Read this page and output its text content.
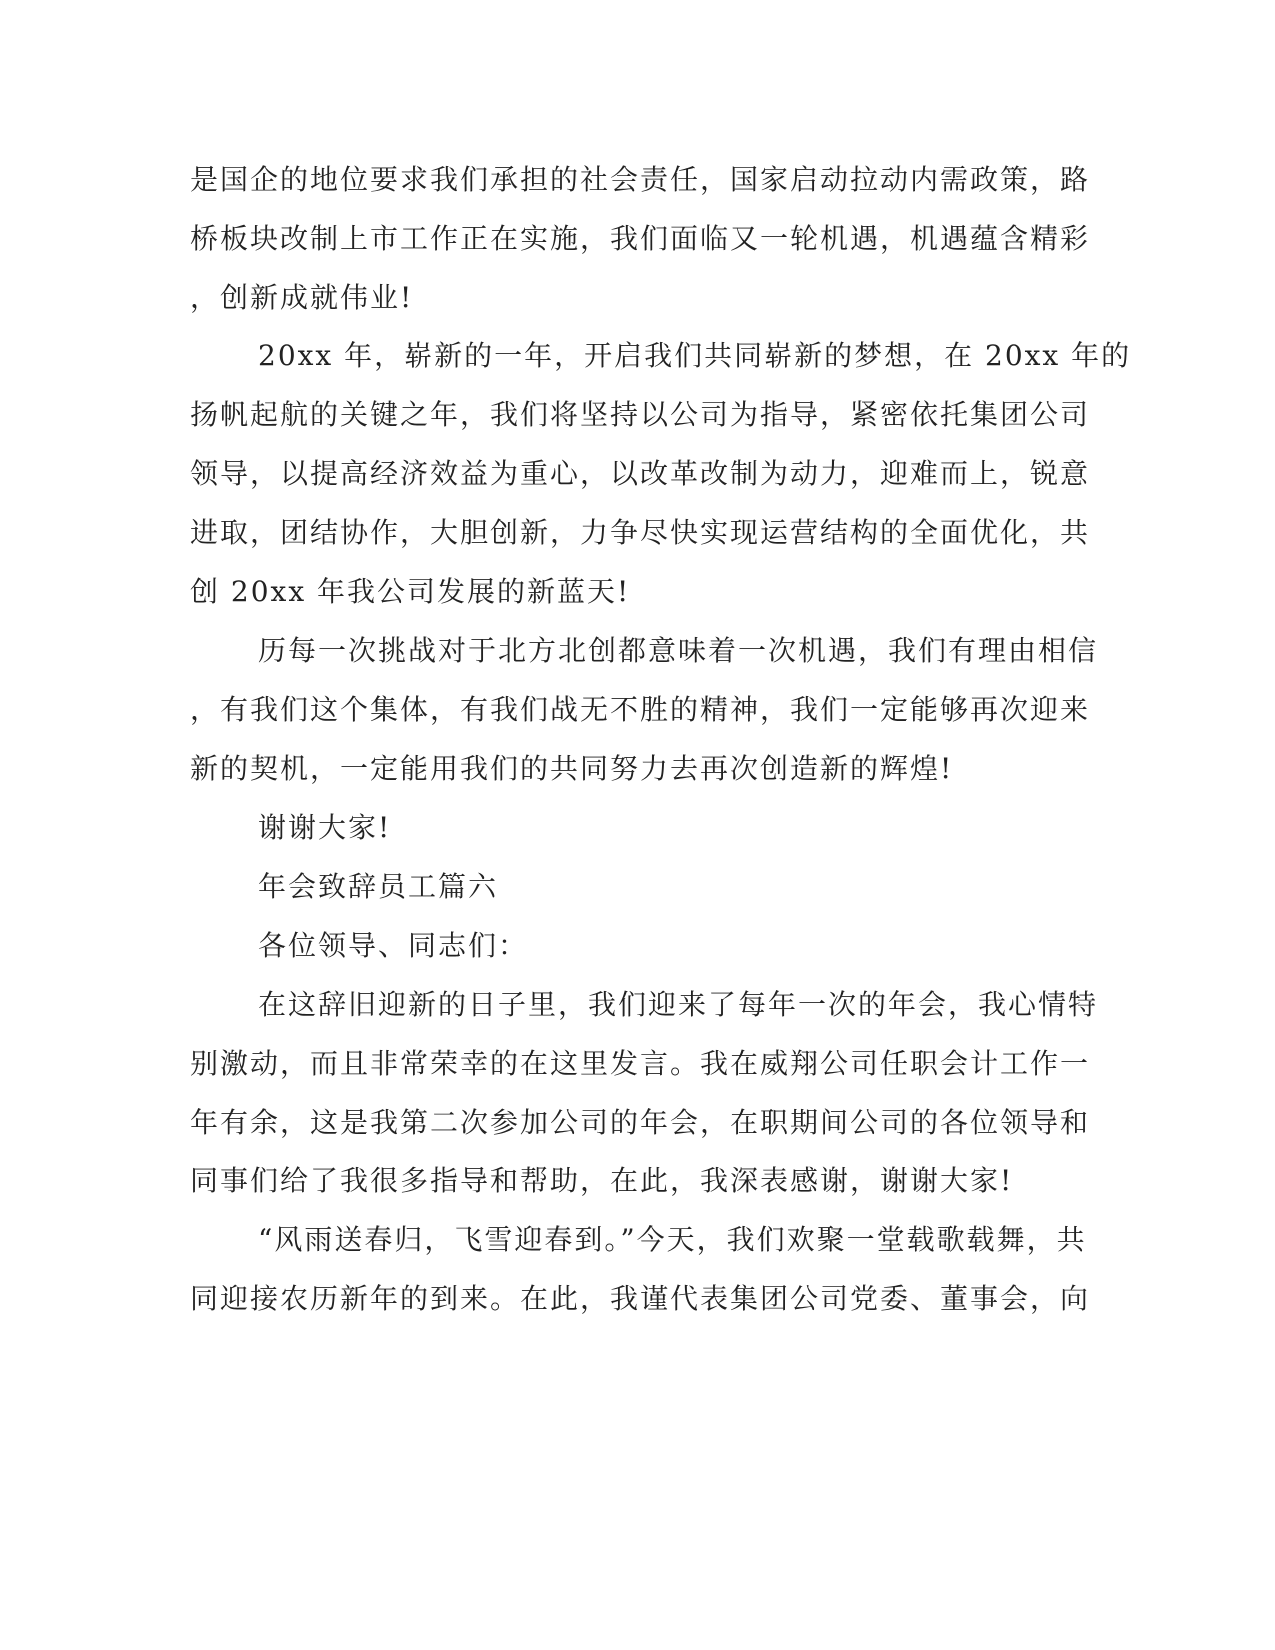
是国企的地位要求我们承担的社会责任，国家启动拉动内需政策，路
桥板块改制上市工作正在实施，我们面临又一轮机遇，机遇蕴含精彩
，创新成就伟业!
20xx 年，崭新的一年，开启我们共同崭新的梦想，在 20xx 年的
扬帆起航的关键之年，我们将坚持以公司为指导，紧密依托集团公司
领导，以提高经济效益为重心，以改革改制为动力，迎难而上，锐意
进取，团结协作，大胆创新，力争尽快实现运营结构的全面优化，共
创 20xx 年我公司发展的新蓝天!
历每一次挑战对于北方北创都意味着一次机遇，我们有理由相信
，有我们这个集体，有我们战无不胜的精神，我们一定能够再次迎来
新的契机，一定能用我们的共同努力去再次创造新的辉煌!
谢谢大家!
年会致辞员工篇六
各位领导、同志们：
在这辞旧迎新的日子里，我们迎来了每年一次的年会，我心情特
别激动，而且非常荣幸的在这里发言。我在威翔公司任职会计工作一
年有余，这是我第二次参加公司的年会，在职期间公司的各位领导和
同事们给了我很多指导和帮助，在此，我深表感谢，谢谢大家!
“风雨送春归，飞雪迎春到。”今天，我们欢聚一堂载歌载舞，共
同迎接农历新年的到来。在此，我谨代表集团公司党委、董事会，向
